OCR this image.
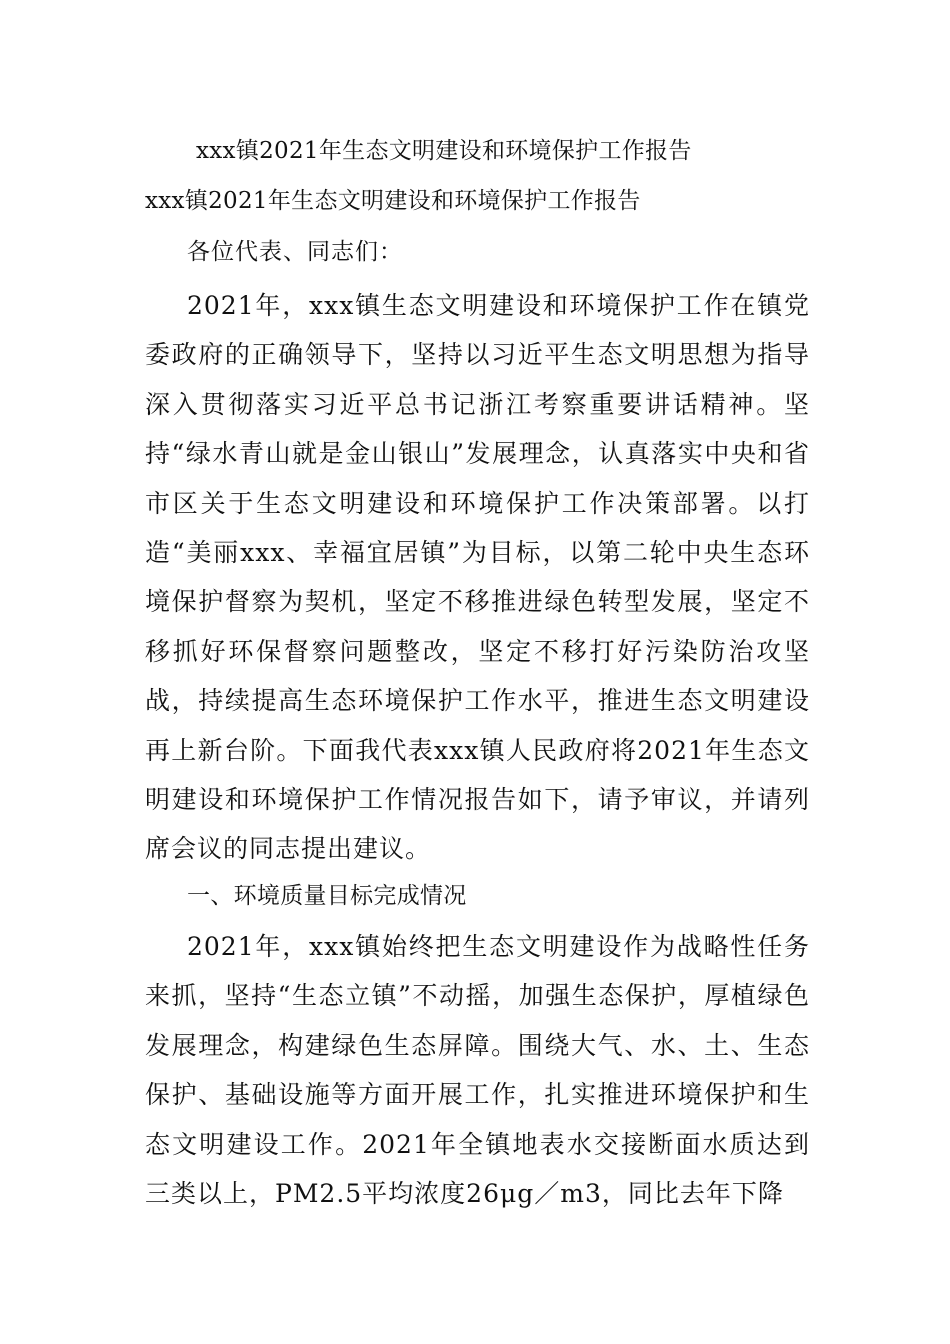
xxx镇2021年生态文明建设和环境保护工作报告
xxx镇2021年生态文明建设和环境保护工作报告
各位代表、同志们：
2021年，xxx镇生态文明建设和环境保护工作在镇党委政府的正确领导下，坚持以习近平生态文明思想为指导深入贯彻落实习近平总书记浙江考察重要讲话精神。坚持“绿水青山就是金山银山”发展理念，认真落实中央和省市区关于生态文明建设和环境保护工作决策部署。以打造“美丽xxx、幸福宜居镇”为目标，以第二轮中央生态环境保护督察为契机，坚定不移推进绿色转型发展，坚定不移抓好环保督察问题整改，坚定不移打好污染防治攻坚战，持续提高生态环境保护工作水平，推进生态文明建设再上新台阶。下面我代表xxx镇人民政府将2021年生态文明建设和环境保护工作情况报告如下，请予审议，并请列席会议的同志提出建议。
一、环境质量目标完成情况
2021年，xxx镇始终把生态文明建设作为战略性任务来抓，坚持“生态立镇”不动摇，加强生态保护，厚植绿色发展理念，构建绿色生态屏障。围绕大气、水、土、生态保护、基础设施等方面开展工作，扎实推进环境保护和生态文明建设工作。2021年全镇地表水交接断面水质达到三类以上，PM2.5平均浓度26μg／m3，同比去年下降
